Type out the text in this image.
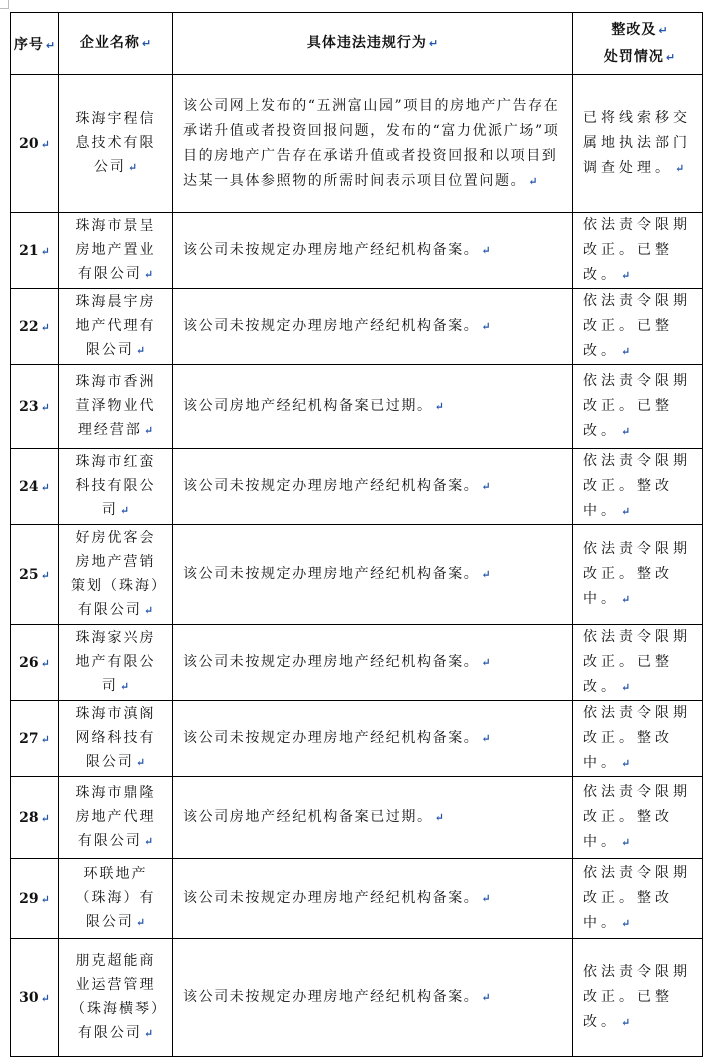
序号 ↵	企业名称 ↵	具体违法违规行为 ↵	整改及 ↵
处罚情况 ↵
20 ↵	珠海宇程信息技术有限公司 ↵	该公司网上发布的“五洲富山园”项目的房地产广告存在承诺升值或者投资回报问题，发布的“富力优派广场”项目的房地产广告存在承诺升值或者投资回报和以项目到达某一具体参照物的所需时间表示项目位置问题。 ↵	已将线索移交属地执法部门调查处理。 ↵
21 ↵	珠海市景呈房地产置业有限公司 ↵	该公司未按规定办理房地产经纪机构备案。 ↵	依法责令限期改正。已整改。 ↵
22 ↵	珠海晨宇房地产代理有限公司 ↵	该公司未按规定办理房地产经纪机构备案。 ↵	依法责令限期改正。已整改。 ↵
23 ↵	珠海市香洲荁泽物业代理经营部 ↵	该公司房地产经纪机构备案已过期。 ↵	依法责令限期改正。已整改。 ↵
24 ↵	珠海市红蛮科技有限公司 ↵	该公司未按规定办理房地产经纪机构备案。 ↵	依法责令限期改正。整改中。 ↵
25 ↵	好房优客会房地产营销策划（珠海）有限公司 ↵	该公司未按规定办理房地产经纪机构备案。 ↵	依法责令限期改正。整改中。 ↵
26 ↵	珠海家兴房地产有限公司 ↵	该公司未按规定办理房地产经纪机构备案。 ↵	依法责令限期改正。已整改。 ↵
27 ↵	珠海市滇阁网络科技有限公司 ↵	该公司未按规定办理房地产经纪机构备案。 ↵	依法责令限期改正。整改中。 ↵
28 ↵	珠海市鼎隆房地产代理有限公司 ↵	该公司房地产经纪机构备案已过期。 ↵	依法责令限期改正。整改中。 ↵
29 ↵	环联地产（珠海）有限公司 ↵	该公司未按规定办理房地产经纪机构备案。 ↵	依法责令限期改正。整改中。 ↵
30 ↵	朋克超能商业运营管理（珠海横琴）有限公司 ↵	该公司未按规定办理房地产经纪机构备案。 ↵	依法责令限期改正。已整改。 ↵
